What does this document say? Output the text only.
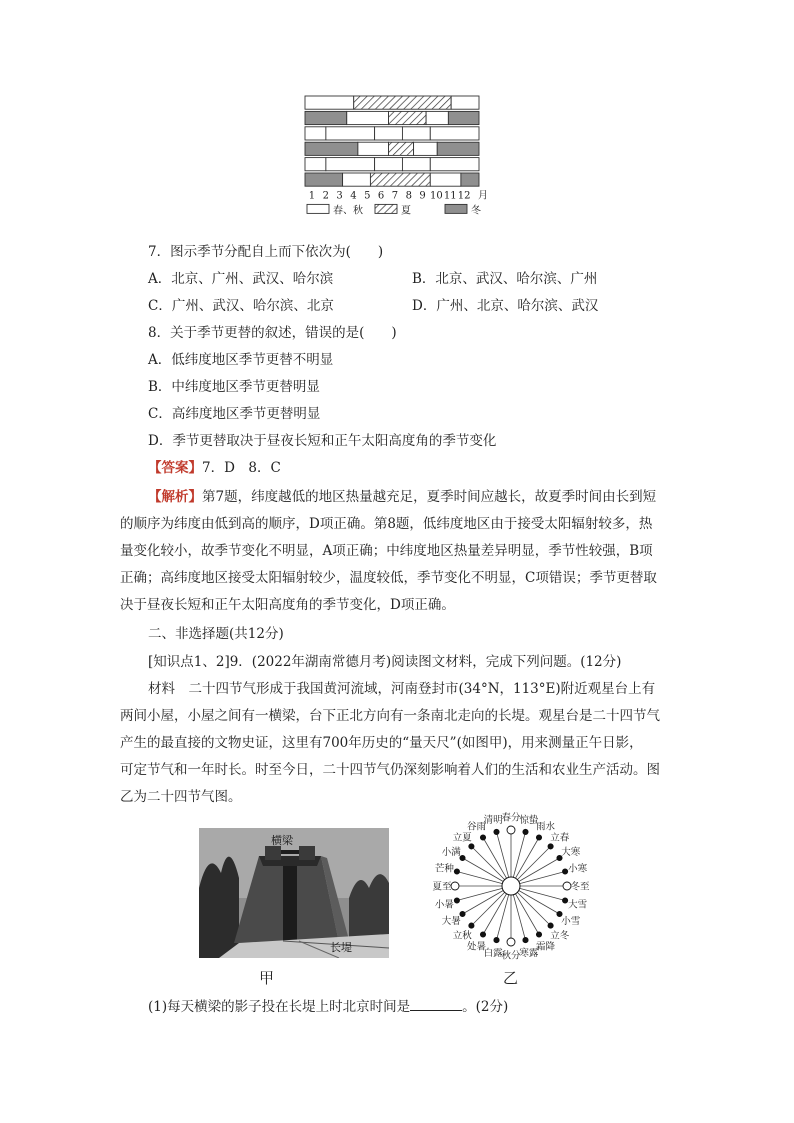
1 2 3 4 5 6 7 8 9 10 11 12 月
春、秋	夏	冬
7．图示季节分配自上而下依次为(　　)
A．北京、广州、武汉、哈尔滨	B．北京、武汉、哈尔滨、广州
C．广州、武汉、哈尔滨、北京	D．广州、北京、哈尔滨、武汉
8．关于季节更替的叙述，错误的是(　　)
A．低纬度地区季节更替不明显
B．中纬度地区季节更替明显
C．高纬度地区季节更替明显
D．季节更替取决于昼夜长短和正午太阳高度角的季节变化
【答案】7．D　8．C
【解析】第7题，纬度越低的地区热量越充足，夏季时间应越长，故夏季时间由长到短
的顺序为纬度由低到高的顺序，D项正确。第8题，低纬度地区由于接受太阳辐射较多，热
量变化较小，故季节变化不明显，A项正确；中纬度地区热量差异明显，季节性较强，B项
正确；高纬度地区接受太阳辐射较少，温度较低，季节变化不明显，C项错误；季节更替取
决于昼夜长短和正午太阳高度角的季节变化，D项正确。
二、非选择题(共12分)
[知识点1、2]9．(2022年湖南常德月考)阅读图文材料，完成下列问题。(12分)
材料　二十四节气形成于我国黄河流域，河南登封市(34°N，113°E)附近观星台上有
两间小屋，小屋之间有一横梁，台下正北方向有一条南北走向的长堤。观星台是二十四节气
产生的最直接的文物史证，这里有700年历史的“量天尺”(如图甲)，用来测量正午日影，
可定节气和一年时长。时至今日，二十四节气仍深刻影响着人们的生活和农业生产活动。图
乙为二十四节气图。
横梁
长堤
甲
春分
惊蛰
雨水
立春
大寒
小寒
冬至
大雪
小雪
立冬
霜降
寒露
秋分
白露
处暑
立秋
大暑
小暑
夏至
芒种
小满
立夏
谷雨
清明
乙
(1)每天横梁的影子投在长堤上时北京时间是	。(2分)
